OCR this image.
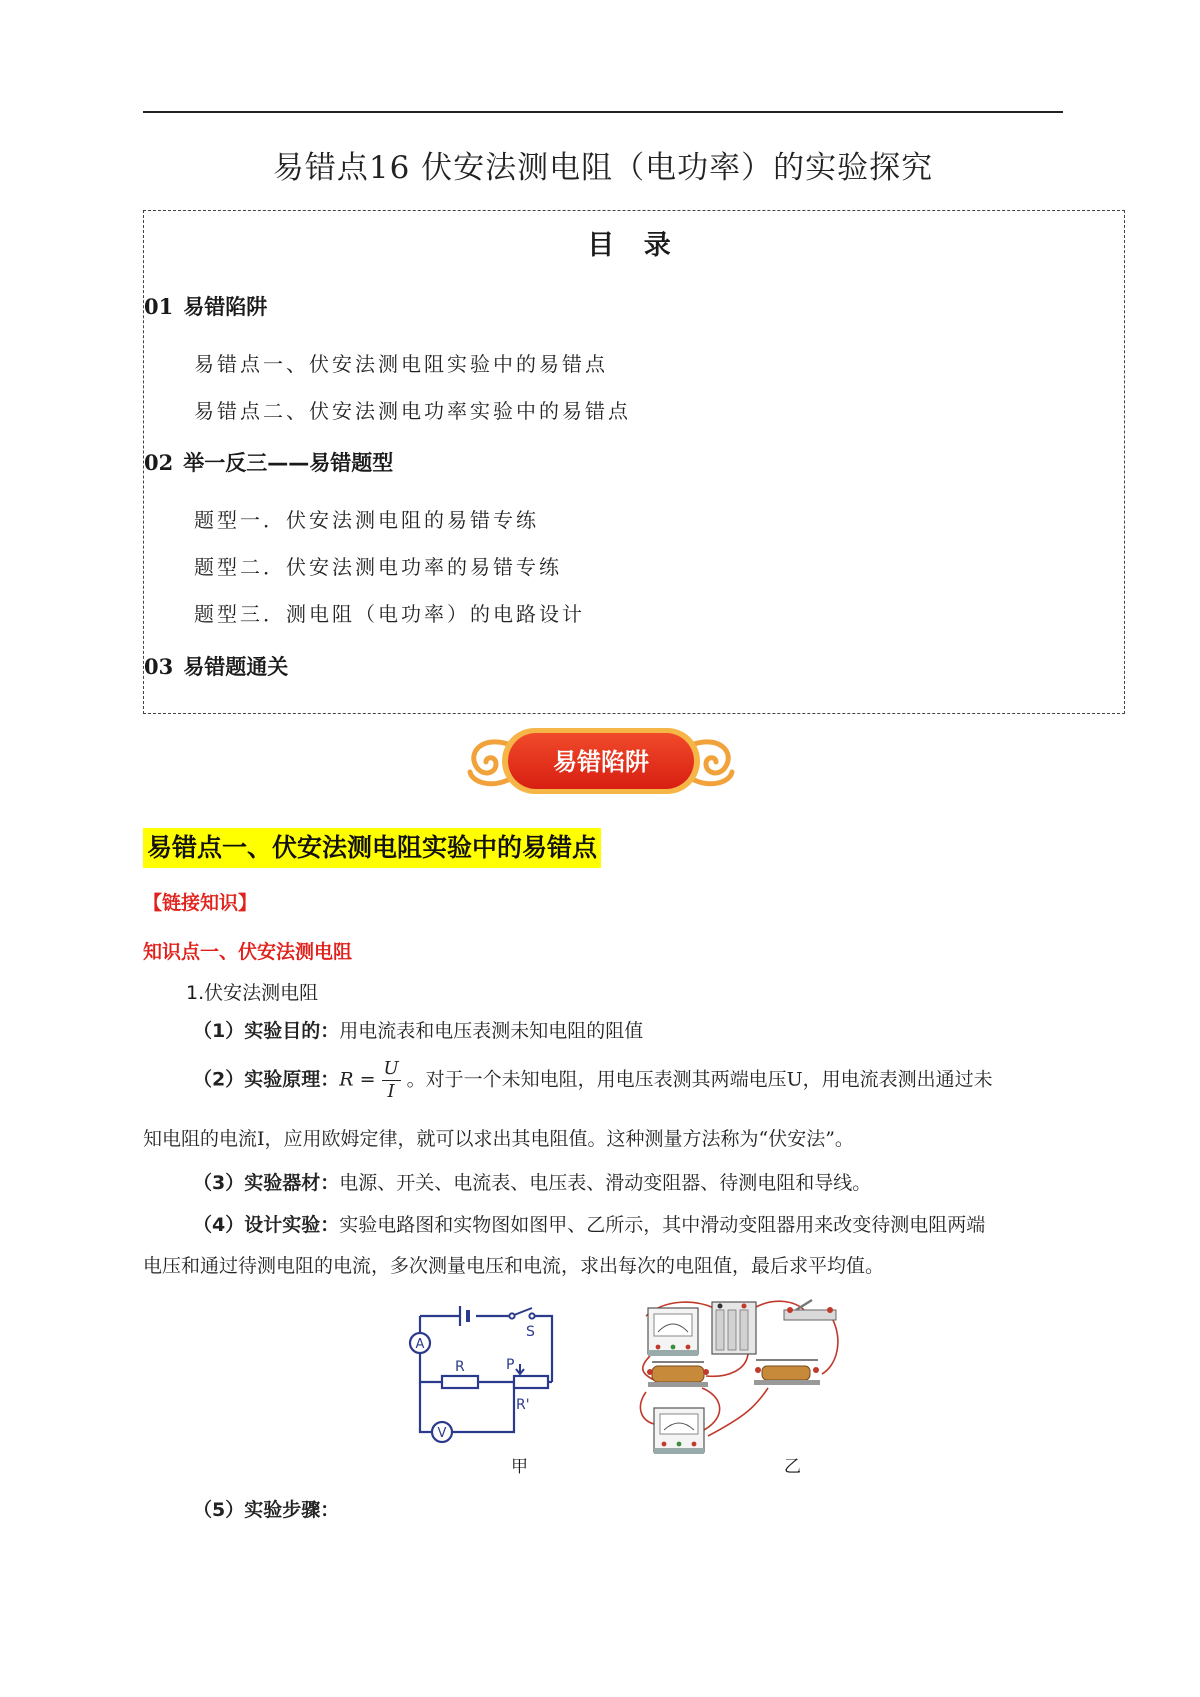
易错点16 伏安法测电阻（电功率）的实验探究
目 录
01 易错陷阱
易错点一、伏安法测电阻实验中的易错点
易错点二、伏安法测电功率实验中的易错点
02 举一反三——易错题型
题型一．伏安法测电阻的易错专练
题型二．伏安法测电功率的易错专练
题型三．测电阻（电功率）的电路设计
03 易错题通关
易错陷阱
易错点一、伏安法测电阻实验中的易错点
【链接知识】
知识点一、伏安法测电阻
1.伏安法测电阻
（1）实验目的：用电流表和电压表测未知电阻的阻值
（2）实验原理：$R = \frac{U}{I}$ 。对于一个未知电阻，用电压表测其两端电压U，用电流表测出通过未
知电阻的电流I，应用欧姆定律，就可以求出其电阻值。这种测量方法称为“伏安法”。
（3）实验器材：电源、开关、电流表、电压表、滑动变阻器、待测电阻和导线。
（4）设计实验：实验电路图和实物图如图甲、乙所示，其中滑动变阻器用来改变待测电阻两端
电压和通过待测电阻的电流，多次测量电压和电流，求出每次的电阻值，最后求平均值。
S
A
R	P
R'
V
甲	乙
（5）实验步骤：
